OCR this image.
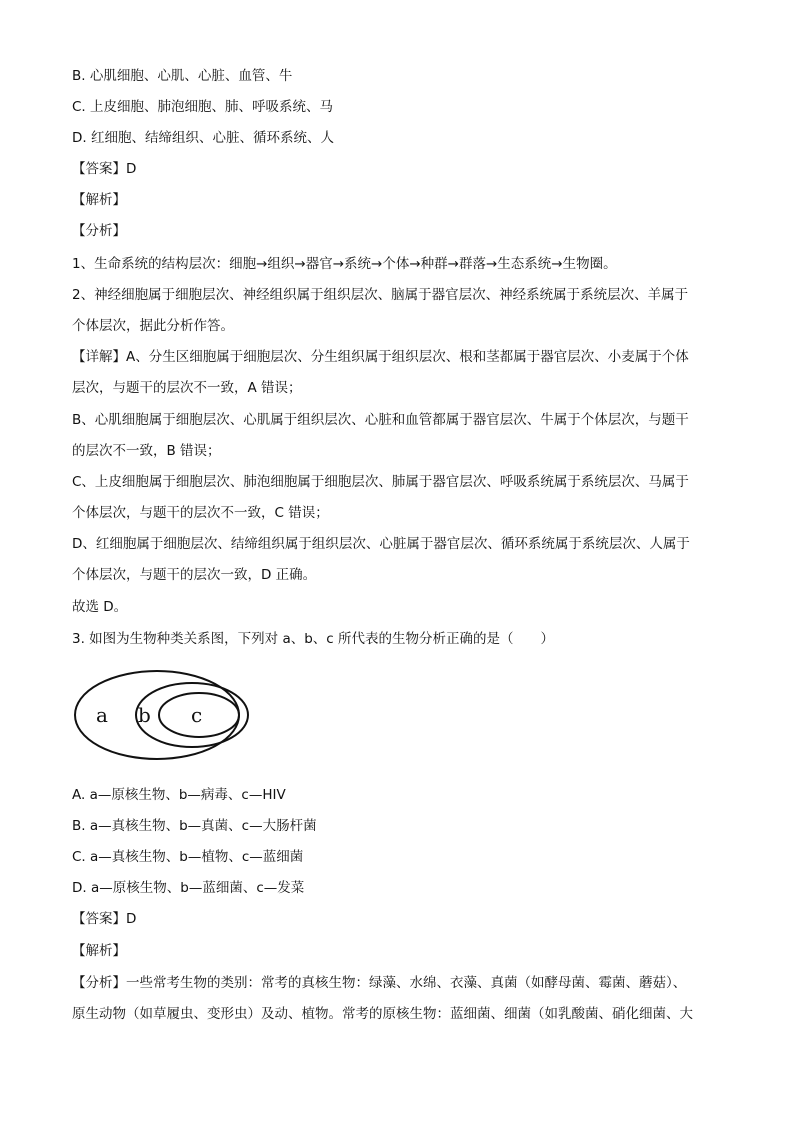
B. 心肌细胞、心肌、心脏、血管、牛
C. 上皮细胞、肺泡细胞、肺、呼吸系统、马
D. 红细胞、结缔组织、心脏、循环系统、人
【答案】D
【解析】
【分析】
1、生命系统的结构层次：细胞→组织→器官→系统→个体→种群→群落→生态系统→生物圈。
2、神经细胞属于细胞层次、神经组织属于组织层次、脑属于器官层次、神经系统属于系统层次、羊属于
个体层次，据此分析作答。
【详解】A、分生区细胞属于细胞层次、分生组织属于组织层次、根和茎都属于器官层次、小麦属于个体
层次，与题干的层次不一致，A 错误；
B、心肌细胞属于细胞层次、心肌属于组织层次、心脏和血管都属于器官层次、牛属于个体层次，与题干
的层次不一致，B 错误；
C、上皮细胞属于细胞层次、肺泡细胞属于细胞层次、肺属于器官层次、呼吸系统属于系统层次、马属于
个体层次，与题干的层次不一致，C 错误；
D、红细胞属于细胞层次、结缔组织属于组织层次、心脏属于器官层次、循环系统属于系统层次、人属于
个体层次，与题干的层次一致，D 正确。
故选 D。
3. 如图为生物种类关系图，下列对 a、b、c 所代表的生物分析正确的是（　　）
a b c
A. a—原核生物、b—病毒、c—HIV
B. a—真核生物、b—真菌、c—大肠杆菌
C. a—真核生物、b—植物、c—蓝细菌
D. a—原核生物、b—蓝细菌、c—发菜
【答案】D
【解析】
【分析】一些常考生物的类别：常考的真核生物：绿藻、水绵、衣藻、真菌（如酵母菌、霉菌、蘑菇）、
原生动物（如草履虫、变形虫）及动、植物。常考的原核生物：蓝细菌、细菌（如乳酸菌、硝化细菌、大
